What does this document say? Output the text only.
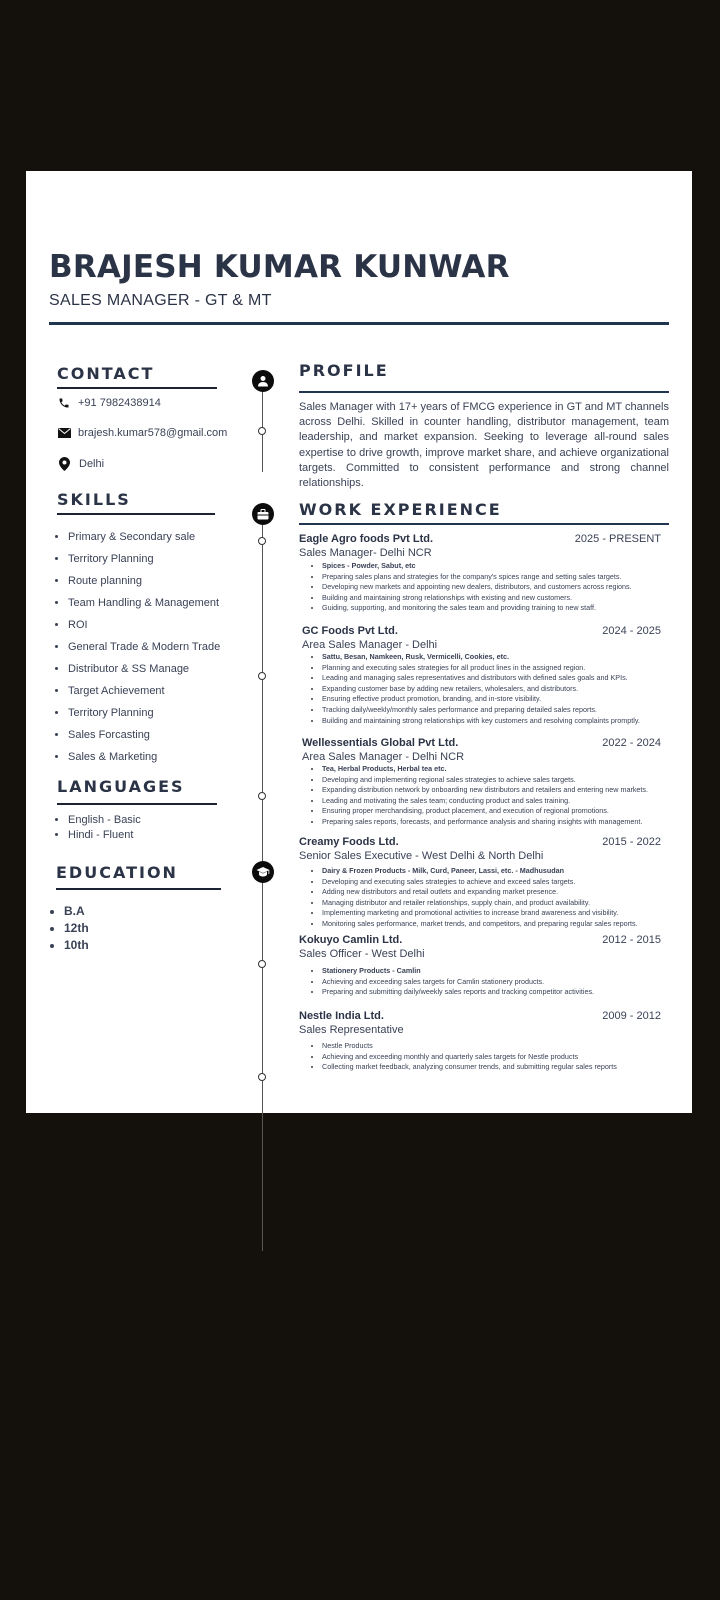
BRAJESH KUMAR KUNWAR
SALES MANAGER - GT & MT
CONTACT
+91 7982438914
brajesh.kumar578@gmail.com
Delhi
SKILLS
• Primary & Secondary sale
• Territory Planning
• Route planning
• Team Handling & Management
• ROI
• General Trade & Modern Trade
• Distributor & SS Manage
• Target Achievement
• Territory Planning
• Sales Forcasting
• Sales & Marketing
LANGUAGES
• English - Basic
• Hindi - Fluent
EDUCATION
• B.A
• 12th
• 10th
PROFILE
Sales Manager with 17+ years of FMCG experience in GT and MT channels across Delhi. Skilled in counter handling, distributor management, team leadership, and market expansion. Seeking to leverage all-round sales expertise to drive growth, improve market share, and achieve organizational targets. Committed to consistent performance and strong channel relationships.
WORK EXPERIENCE
Eagle Agro foods Pvt Ltd.	2025 - PRESENT
Sales Manager- Delhi NCR
• Spices - Powder, Sabut, etc
• Preparing sales plans and strategies for the company's spices range and setting sales targets.
• Developing new markets and appointing new dealers, distributors, and customers across regions.
• Building and maintaining strong relationships with existing and new customers.
• Guiding, supporting, and monitoring the sales team and providing training to new staff.
GC Foods Pvt Ltd.	2024 - 2025
Area Sales Manager - Delhi
• Sattu, Besan, Namkeen, Rusk, Vermicelli, Cookies, etc.
• Planning and executing sales strategies for all product lines in the assigned region.
• Leading and managing sales representatives and distributors with defined sales goals and KPIs.
• Expanding customer base by adding new retailers, wholesalers, and distributors.
• Ensuring effective product promotion, branding, and in-store visibility.
• Tracking daily/weekly/monthly sales performance and preparing detailed sales reports.
• Building and maintaining strong relationships with key customers and resolving complaints promptly.
Wellessentials Global Pvt Ltd.	2022 - 2024
Area Sales Manager - Delhi NCR
• Tea, Herbal Products, Herbal tea etc.
• Developing and implementing regional sales strategies to achieve sales targets.
• Expanding distribution network by onboarding new distributors and retailers and entering new markets.
• Leading and motivating the sales team; conducting product and sales training.
• Ensuring proper merchandising, product placement, and execution of regional promotions.
• Preparing sales reports, forecasts, and performance analysis and sharing insights with management.
Creamy Foods Ltd.	2015 - 2022
Senior Sales Executive - West Delhi & North Delhi
• Dairy & Frozen Products - Milk, Curd, Paneer, Lassi, etc. - Madhusudan
• Developing and executing sales strategies to achieve and exceed sales targets.
• Adding new distributors and retail outlets and expanding market presence.
• Managing distributor and retailer relationships, supply chain, and product availability.
• Implementing marketing and promotional activities to increase brand awareness and visibility.
• Monitoring sales performance, market trends, and competitors, and preparing regular sales reports.
Kokuyo Camlin Ltd.	2012 - 2015
Sales Officer - West Delhi
• Stationery Products - Camlin
• Achieving and exceeding sales targets for Camlin stationery products.
• Preparing and submitting daily/weekly sales reports and tracking competitor activities.
Nestle India Ltd.	2009 - 2012
Sales Representative
• Nestle Products
• Achieving and exceeding monthly and quarterly sales targets for Nestle products
• Collecting market feedback, analyzing consumer trends, and submitting regular sales reports
